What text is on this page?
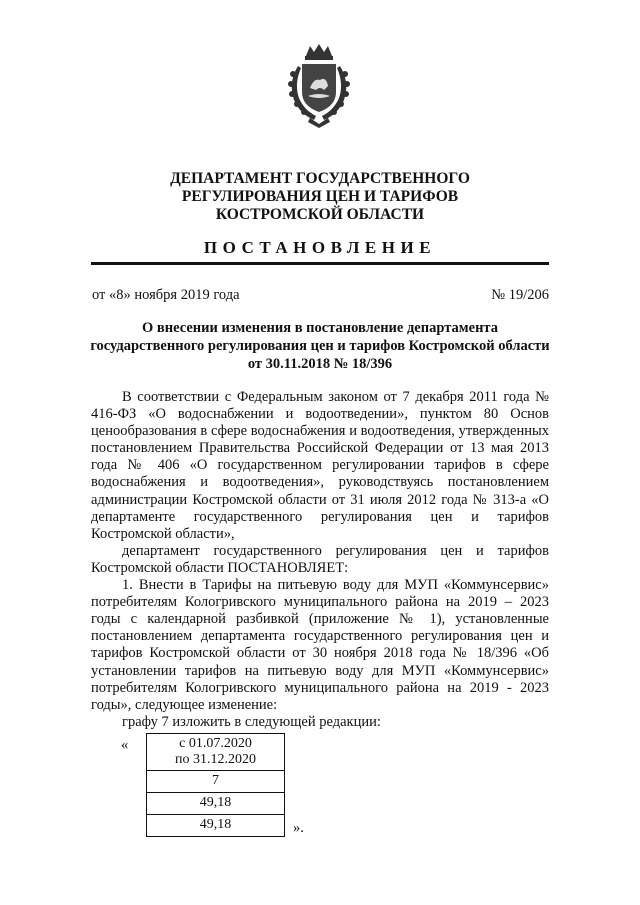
ДЕПАРТАМЕНТ ГОСУДАРСТВЕННОГО
РЕГУЛИРОВАНИЯ ЦЕН И ТАРИФОВ
КОСТРОМСКОЙ ОБЛАСТИ
ПОСТАНОВЛЕНИЕ
от «8» ноября 2019 года	№ 19/206
О внесении изменения в постановление департамента
государственного регулирования цен и тарифов Костромской области
от 30.11.2018 № 18/396

В соответствии с Федеральным законом от 7 декабря 2011 года № 416-ФЗ «О водоснабжении и водоотведении», пунктом 80 Основ ценообразования в сфере водоснабжения и водоотведения, утвержденных постановлением Правительства Российской Федерации от 13 мая 2013 года № 406 «О государственном регулировании тарифов в сфере водоснабжения и водоотведения», руководствуясь постановлением администрации Костромской области от 31 июля 2012 года № 313-а «О департаменте государственного регулирования цен и тарифов Костромской области»,

департамент государственного регулирования цен и тарифов Костромской области ПОСТАНОВЛЯЕТ:

1. Внести в Тарифы на питьевую воду для МУП «Коммунсервис» потребителям Кологривского муниципального района на 2019 – 2023 годы с календарной разбивкой (приложение № 1), установленные постановлением департамента государственного регулирования цен и тарифов Костромской области от 30 ноября 2018 года № 18/396 «Об установлении тарифов на питьевую воду для МУП «Коммунсервис» потребителям Кологривского муниципального района на 2019 - 2023 годы», следующее изменение:

графу 7 изложить в следующей редакции:

«	с 01.07.2020
по 31.12.2020

7
49,18
49,18	».
